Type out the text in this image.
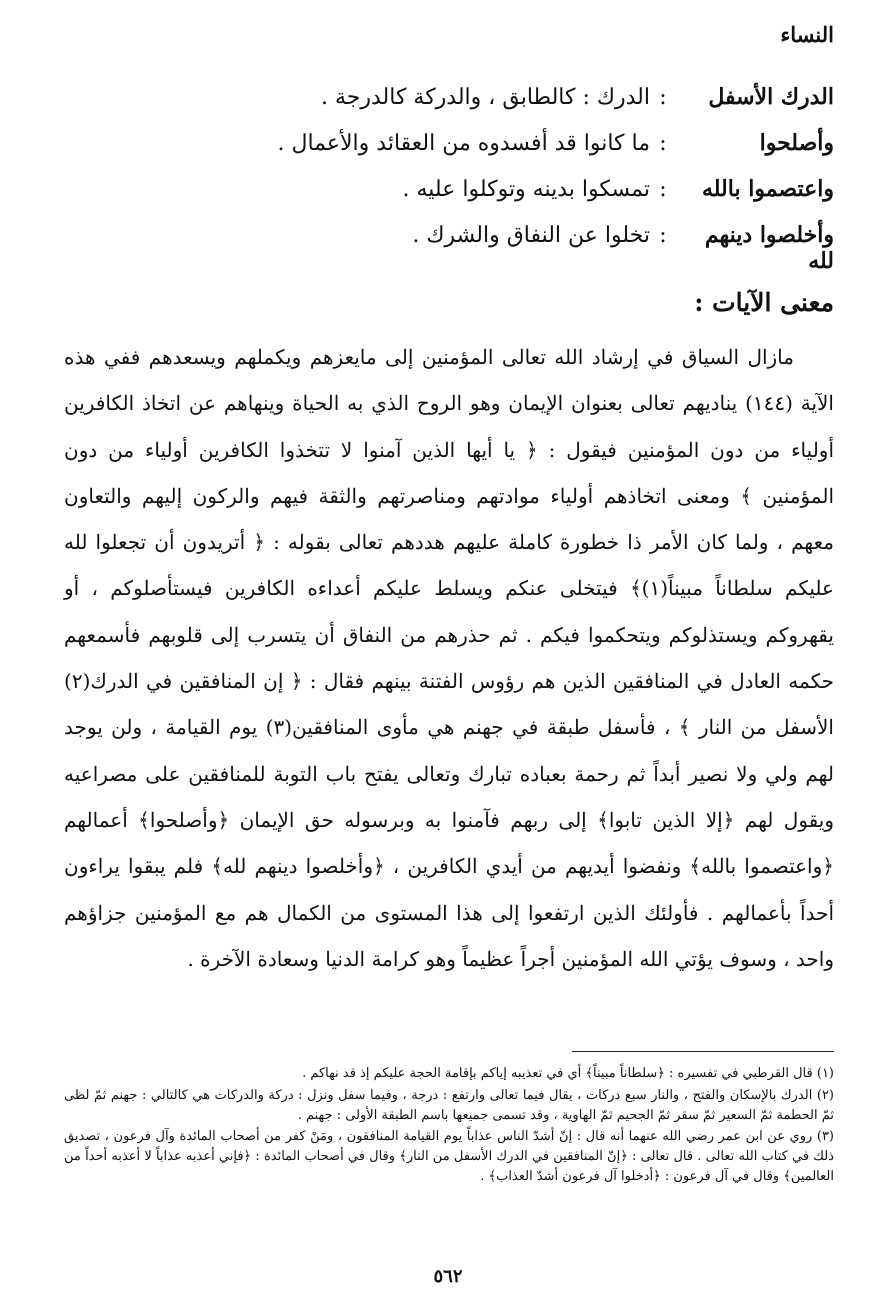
النساء
الدرك الأسفل
:
الدرك : كالطابق ، والدركة كالدرجة .
وأصلحوا
:
ما كانوا قد أفسدوه من العقائد والأعمال .
واعتصموا بالله
:
تمسكوا بدينه وتوكلوا عليه .
وأخلصوا دينهم لله
:
تخلوا عن النفاق والشرك .
معنى الآيات :

مازال السياق في إرشاد الله تعالى المؤمنين إلى مايعزهم ويكملهم ويسعدهم ففي هذه الآية (١٤٤) يناديهم تعالى بعنوان الإيمان وهو الروح الذي به الحياة وينهاهم عن اتخاذ الكافرين أولياء من دون المؤمنين فيقول : ﴿ يا أيها الذين آمنوا لا تتخذوا الكافرين أولياء من دون المؤمنين ﴾ ومعنى اتخاذهم أولياء موادتهم ومناصرتهم والثقة فيهم والركون إليهم والتعاون معهم ، ولما كان الأمر ذا خطورة كاملة عليهم هددهم تعالى بقوله : ﴿ أتريدون أن تجعلوا لله عليكم سلطاناً مبيناً(١)﴾ فيتخلى عنكم ويسلط عليكم أعداءه الكافرين فيستأصلوكم ، أو يقهروكم ويستذلوكم ويتحكموا فيكم . ثم حذرهم من النفاق أن يتسرب إلى قلوبهم فأسمعهم حكمه العادل في المنافقين الذين هم رؤوس الفتنة بينهم فقال : ﴿ إن المنافقين في الدرك(٢) الأسفل من النار ﴾ ، فأسفل طبقة في جهنم هي مأوى المنافقين(٣) يوم القيامة ، ولن يوجد لهم ولي ولا نصير أبداً ثم رحمة بعباده تبارك وتعالى يفتح باب التوبة للمنافقين على مصراعيه ويقول لهم ﴿إلا الذين تابوا﴾ إلى ربهم فآمنوا به وبرسوله حق الإيمان ﴿وأصلحوا﴾ أعمالهم ﴿واعتصموا بالله﴾ ونفضوا أيديهم من أيدي الكافرين ، ﴿وأخلصوا دينهم لله﴾ فلم يبقوا يراءون أحداً بأعمالهم . فأولئك الذين ارتفعوا إلى هذا المستوى من الكمال هم مع المؤمنين جزاؤهم واحد ، وسوف يؤتي الله المؤمنين أجراً عظيماً وهو كرامة الدنيا وسعادة الآخرة .

(١) قال القرطبي في تفسيره : ﴿سلطاناً مبيناً﴾ أي في تعذيبه إياكم بإقامة الحجة عليكم إذ قد نهاكم .
(٢) الدرك بالإسكان والفتح ، والنار سبع دركات ، يقال فيما تعالى وارتفع : درجة ، وفيما سفل ونزل : دركة والدركات هي كالتالي : جهنم ثمّ لظى ثمّ الحطمة ثمّ السعير ثمّ سقر ثمّ الجحيم ثمّ الهاوية ، وقد تسمى جميعها باسم الطبقة الأولى : جهنم .
(٣) روي عن ابن عمر رضي الله عنهما أنه قال : إنّ أشدّ الناس عذاباً يوم القيامة المنافقون ، ومَنْ كفر من أصحاب المائدة وآل فرعون ، تصديق ذلك في كتاب الله تعالى . قال تعالى : ﴿إنّ المنافقين في الدرك الأسفل من النار﴾ وقال في أصحاب المائدة : ﴿فإني أعذبه عذاباً لا أعذبه أحداً من العالمين﴾ وقال في آل فرعون : ﴿أدخلوا آل فرعون أشدّ العذاب﴾ .
٥٦٢
